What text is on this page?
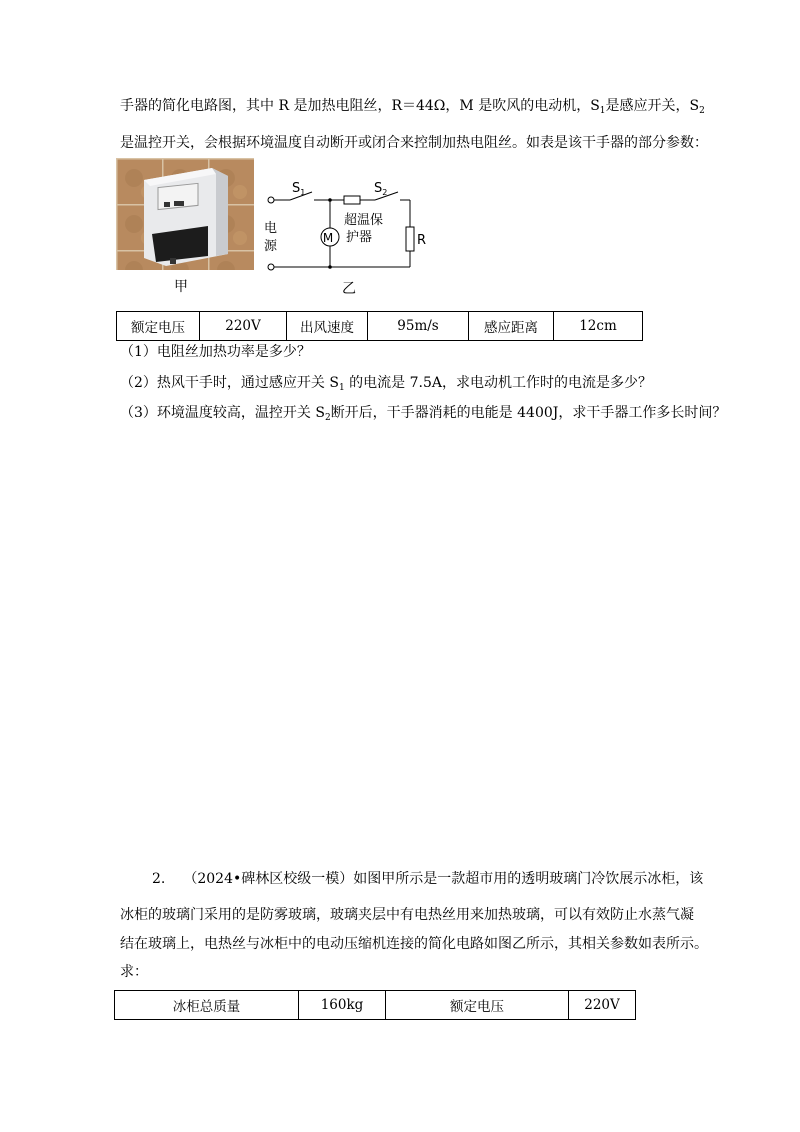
手器的简化电路图，其中 R 是加热电阻丝，R＝44Ω，M 是吹风的电动机，$S_1$是感应开关，$S_2$
是温控开关，会根据环境温度自动断开或闭合来控制加热电阻丝。如表是该干手器的部分参数：
甲
M
$S_1$	$S_2$
超温保
护器	R
电
源
乙
额定电压	220V	出风速度	95m/s	感应距离	12cm
（1）电阻丝加热功率是多少？
（2）热风干手时，通过感应开关 $S_1$ 的电流是 7.5A，求电动机工作时的电流是多少？
（3）环境温度较高，温控开关 $S_2$断开后，干手器消耗的电能是 4400J，求干手器工作多长时间？
2. （2024•碑林区校级一模）如图甲所示是一款超市用的透明玻璃门冷饮展示冰柜，该
冰柜的玻璃门采用的是防雾玻璃，玻璃夹层中有电热丝用来加热玻璃，可以有效防止水蒸气凝
结在玻璃上，电热丝与冰柜中的电动压缩机连接的简化电路如图乙所示，其相关参数如表所示。
求：
冰柜总质量	160kg	额定电压	220V
